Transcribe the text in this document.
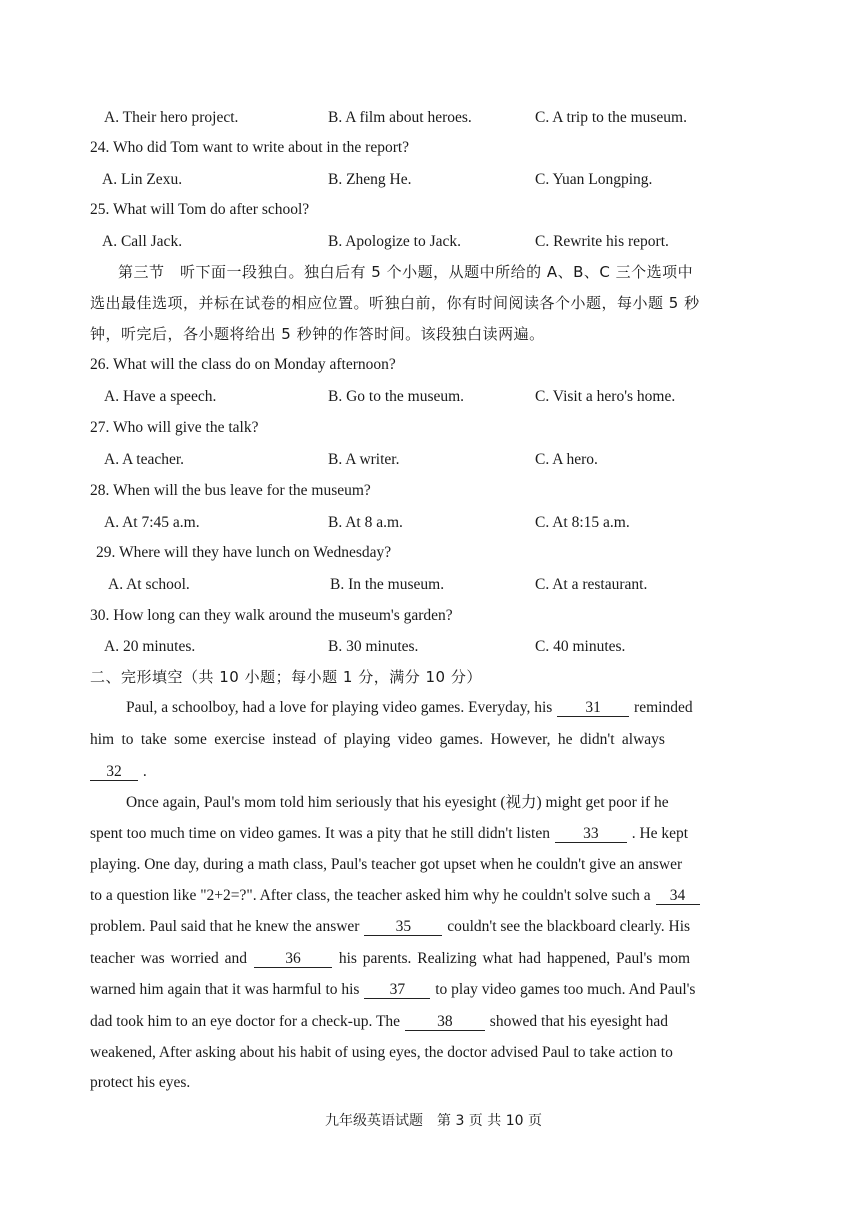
A. Their hero project.	B. A film about heroes.	C. A trip to the museum.
24. Who did Tom want to write about in the report?
A. Lin Zexu.	B. Zheng He.	C. Yuan Longping.
25. What will Tom do after school?
A. Call Jack.	B. Apologize to Jack.	C. Rewrite his report.
第三节　听下面一段独白。独白后有 5 个小题，从题中所给的 A、B、C 三个选项中
选出最佳选项，并标在试卷的相应位置。听独白前，你有时间阅读各个小题，每小题 5 秒
钟，听完后，各小题将给出 5 秒钟的作答时间。该段独白读两遍。
26. What will the class do on Monday afternoon?
A. Have a speech.	B. Go to the museum.	C. Visit a hero's home.
27. Who will give the talk?
A. A teacher.	B. A writer.	C. A hero.
28. When will the bus leave for the museum?
A. At 7:45 a.m.	B. At 8 a.m.	C. At 8:15 a.m.
29. Where will they have lunch on Wednesday?
A. At school.	B. In the museum.	C. At a restaurant.
30. How long can they walk around the museum's garden?
A. 20 minutes.	B. 30 minutes.	C. 40 minutes.
二、完形填空（共 10 小题；每小题 1 分，满分 10 分）
Paul, a schoolboy, had a love for playing video games. Everyday, his 31 reminded
him to take some exercise instead of playing video games. However, he didn't always
32 .
Once again, Paul's mom told him seriously that his eyesight (视力) might get poor if he
spent too much time on video games. It was a pity that he still didn't listen 33 . He kept
playing. One day, during a math class, Paul's teacher got upset when he couldn't give an answer
to a question like "2+2=?". After class, the teacher asked him why he couldn't solve such a 34
problem. Paul said that he knew the answer 35 couldn't see the blackboard clearly. His
teacher was worried and 36 his parents. Realizing what had happened, Paul's mom
warned him again that it was harmful to his 37 to play video games too much. And Paul's
dad took him to an eye doctor for a check-up. The 38 showed that his eyesight had
weakened, After asking about his habit of using eyes, the doctor advised Paul to take action to
protect his eyes.
九年级英语试题　第 3 页 共 10 页
